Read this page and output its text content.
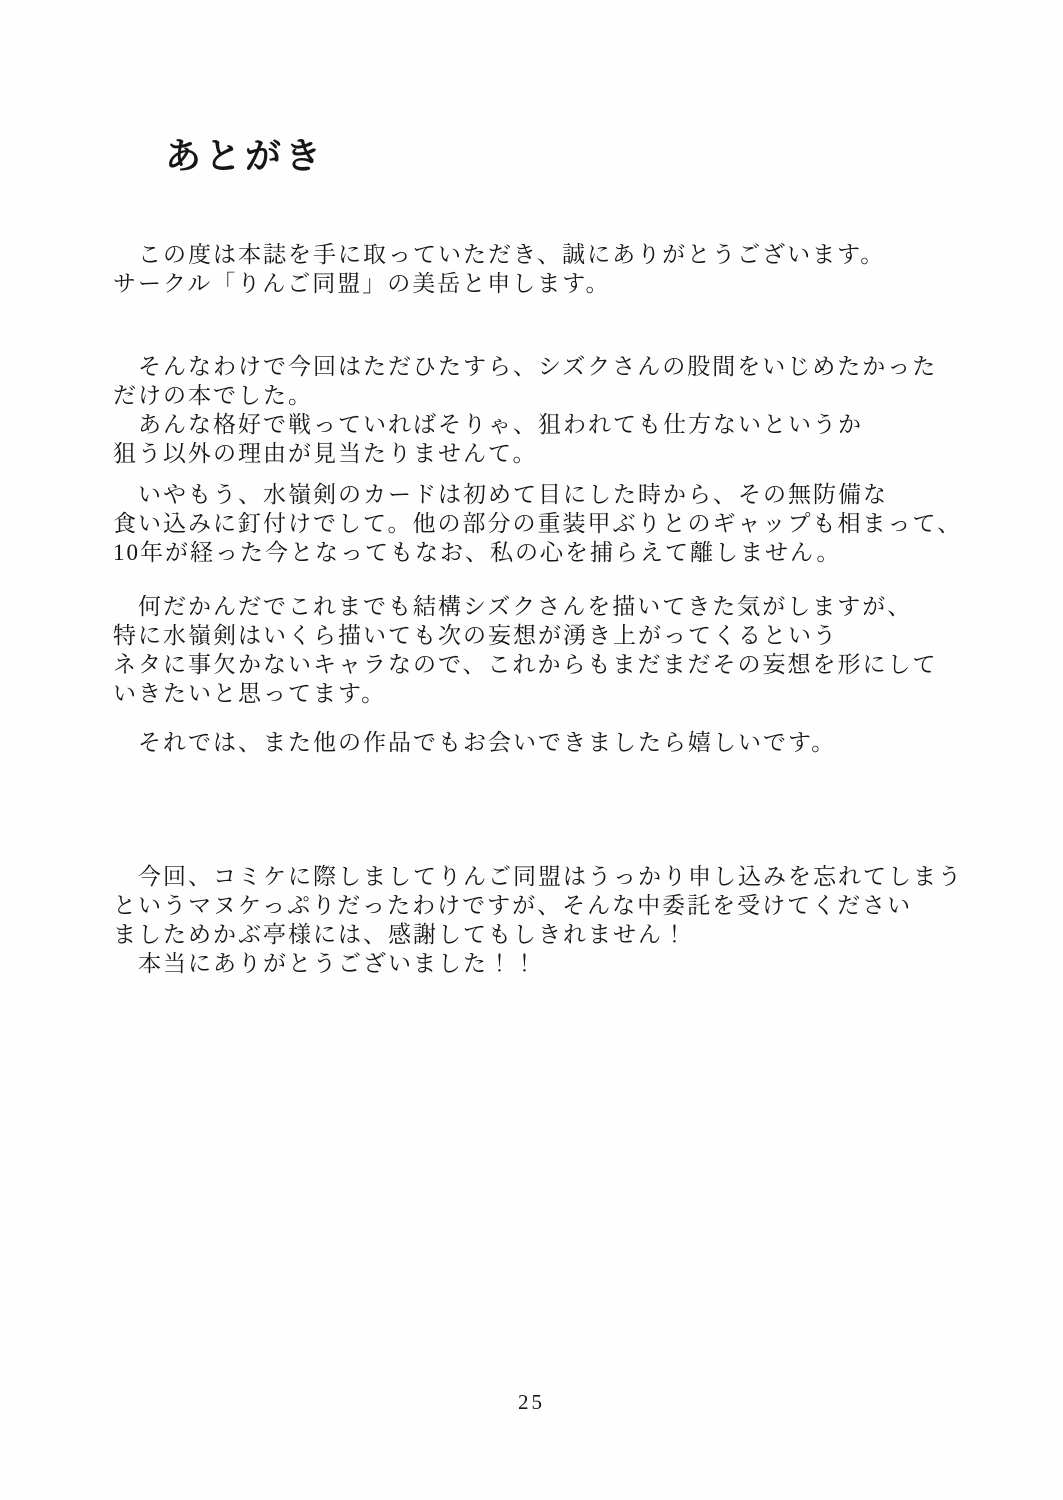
あとがき
　この度は本誌を手に取っていただき、誠にありがとうございます。
サークル「りんご同盟」の美岳と申します。
　そんなわけで今回はただひたすら、シズクさんの股間をいじめたかった
だけの本でした。
　あんな格好で戦っていればそりゃ、狙われても仕方ないというか
狙う以外の理由が見当たりませんて。
　いやもう、水嶺剣のカードは初めて目にした時から、その無防備な
食い込みに釘付けでして。他の部分の重装甲ぶりとのギャップも相まって、
10年が経った今となってもなお、私の心を捕らえて離しません。
　何だかんだでこれまでも結構シズクさんを描いてきた気がしますが、
特に水嶺剣はいくら描いても次の妄想が湧き上がってくるという
ネタに事欠かないキャラなので、これからもまだまだその妄想を形にして
いきたいと思ってます。
　それでは、また他の作品でもお会いできましたら嬉しいです。
　今回、コミケに際しましてりんご同盟はうっかり申し込みを忘れてしまう
というマヌケっぷりだったわけですが、そんな中委託を受けてください
ましためかぶ亭様には、感謝してもしきれません！
　本当にありがとうございました！！
25
